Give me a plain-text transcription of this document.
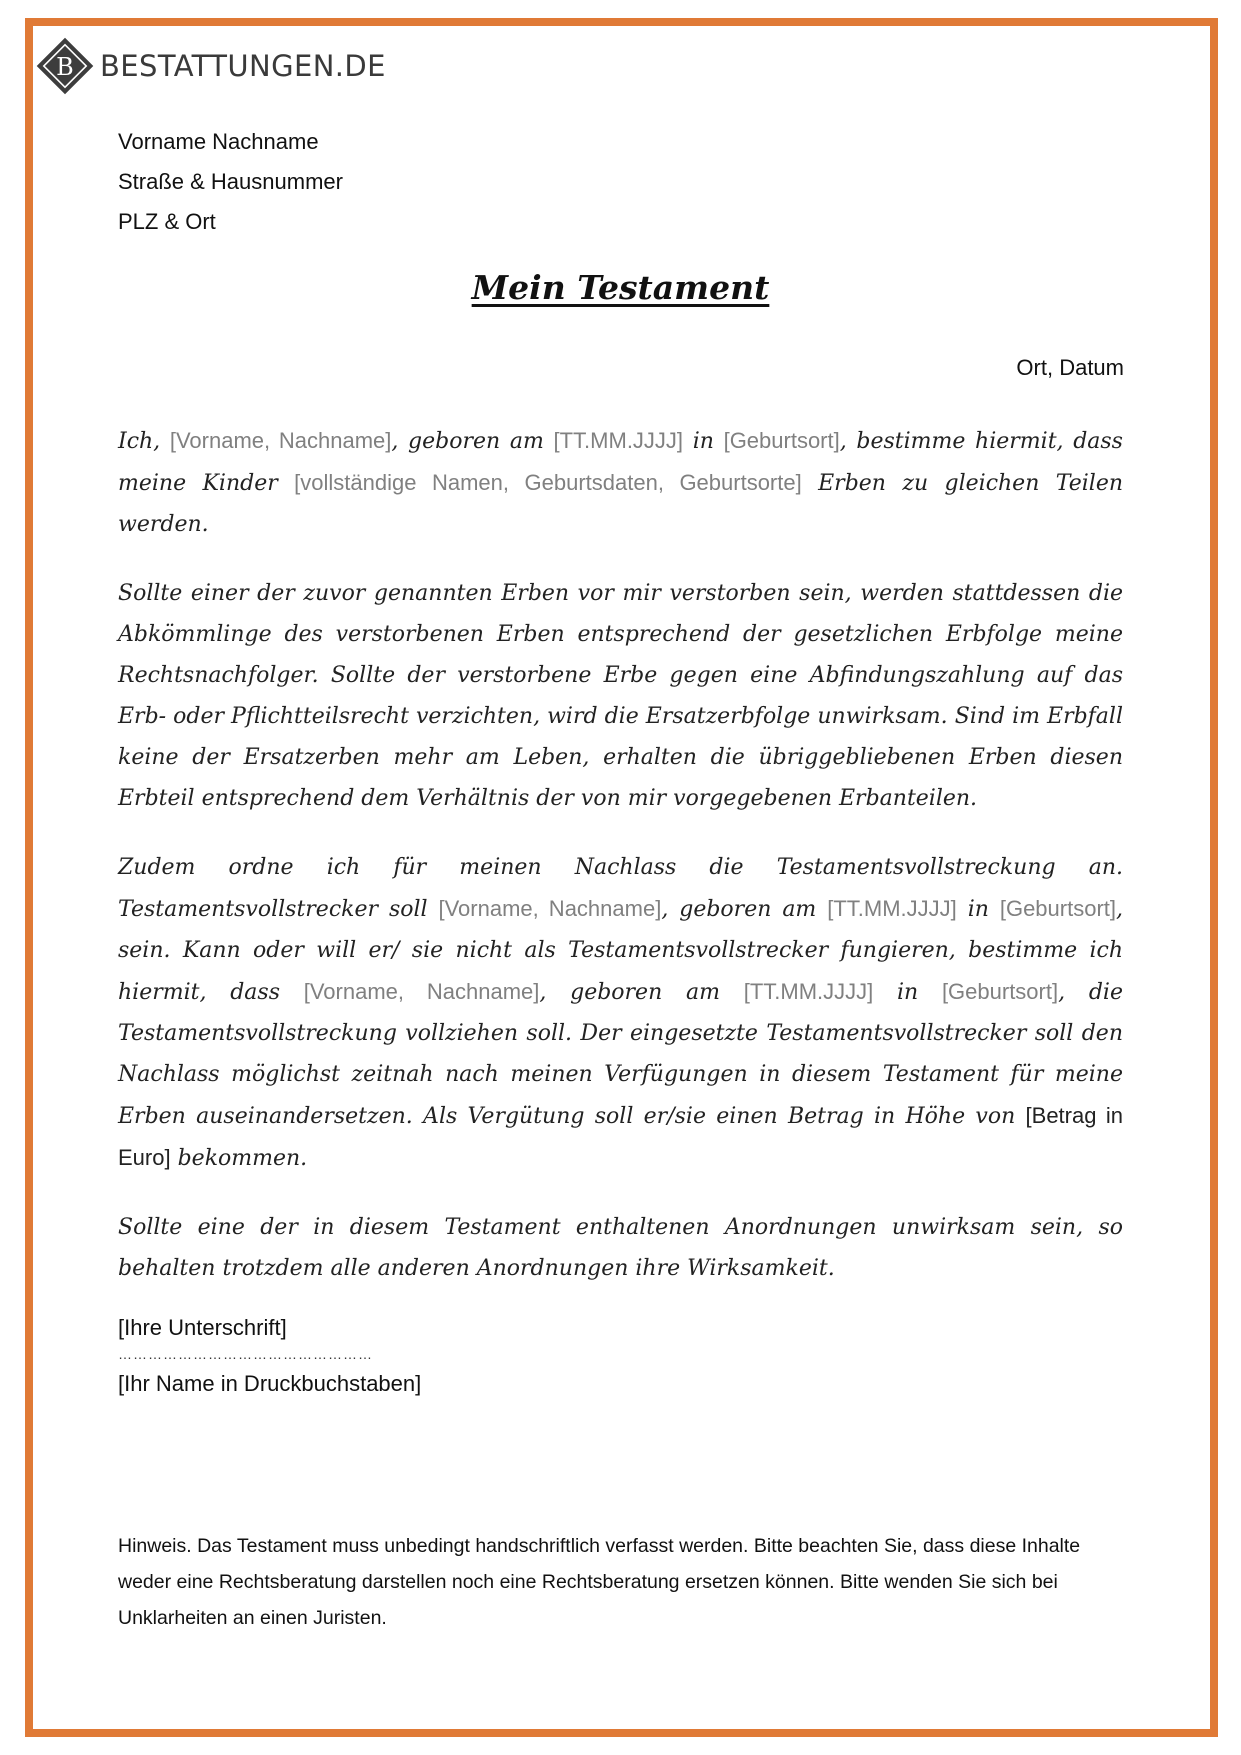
B BESTATTUNGEN.DE
Vorname Nachname
Straße & Hausnummer
PLZ & Ort
Mein Testament
Ort, Datum

Ich, [Vorname, Nachname], geboren am [TT.MM.JJJJ] in [Geburtsort], bestimme hiermit, dass meine Kinder [vollständige Namen, Geburtsdaten, Geburtsorte] Erben zu gleichen Teilen werden.

Sollte einer der zuvor genannten Erben vor mir verstorben sein, werden stattdessen die Abkömmlinge des verstorbenen Erben entsprechend der gesetzlichen Erbfolge meine Rechtsnachfolger. Sollte der verstorbene Erbe gegen eine Abfindungszahlung auf das Erb- oder Pflichtteilsrecht verzichten, wird die Ersatzerbfolge unwirksam. Sind im Erbfall keine der Ersatzerben mehr am Leben, erhalten die übriggebliebenen Erben diesen Erbteil entsprechend dem Verhältnis der von mir vorgegebenen Erbanteilen.

Zudem ordne ich für meinen Nachlass die Testamentsvollstreckung an. Testamentsvollstrecker soll [Vorname, Nachname], geboren am [TT.MM.JJJJ] in [Geburtsort], sein. Kann oder will er/ sie nicht als Testamentsvollstrecker fungieren, bestimme ich hiermit, dass [Vorname, Nachname], geboren am [TT.MM.JJJJ] in [Geburtsort], die Testamentsvollstreckung vollziehen soll. Der eingesetzte Testamentsvollstrecker soll den Nachlass möglichst zeitnah nach meinen Verfügungen in diesem Testament für meine Erben auseinandersetzen. Als Vergütung soll er/sie einen Betrag in Höhe von [Betrag in Euro] bekommen.

Sollte eine der in diesem Testament enthaltenen Anordnungen unwirksam sein, so behalten trotzdem alle anderen Anordnungen ihre Wirksamkeit.

[Ihre Unterschrift]
……………………………………………
[Ihr Name in Druckbuchstaben]
Hinweis. Das Testament muss unbedingt handschriftlich verfasst werden. Bitte beachten Sie, dass diese Inhalte weder eine Rechtsberatung darstellen noch eine Rechtsberatung ersetzen können. Bitte wenden Sie sich bei Unklarheiten an einen Juristen.
